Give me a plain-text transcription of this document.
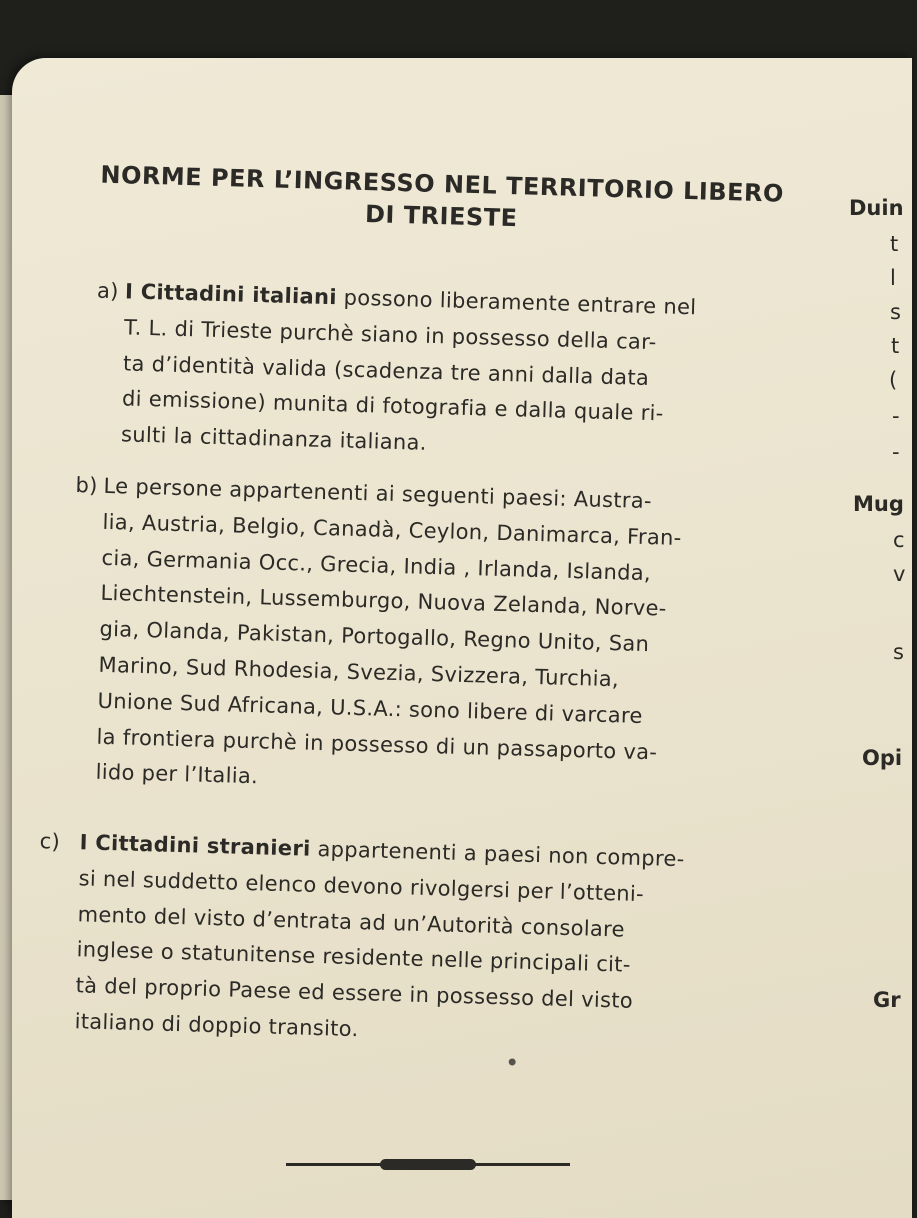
NORME PER L’INGRESSO NEL TERRITORIO LIBERO
DI TRIESTE
a) I Cittadini italiani possono liberamente entrare nel
T. L. di Trieste purchè siano in possesso della car-
ta d’identità valida (scadenza tre anni dalla data
di emissione) munita di fotografia e dalla quale ri-
sulti la cittadinanza italiana.
b) Le persone appartenenti ai seguenti paesi: Austra-
lia, Austria, Belgio, Canadà, Ceylon, Danimarca, Fran-
cia, Germania Occ., Grecia, India , Irlanda, Islanda,
Liechtenstein, Lussemburgo, Nuova Zelanda, Norve-
gia, Olanda, Pakistan, Portogallo, Regno Unito, San
Marino, Sud Rhodesia, Svezia, Svizzera, Turchia,
Unione Sud Africana, U.S.A.: sono libere di varcare
la frontiera purchè in possesso di un passaporto va-
lido per l’Italia.
c) I Cittadini stranieri appartenenti a paesi non compre-
si nel suddetto elenco devono rivolgersi per l’otteni-
mento del visto d’entrata ad un’Autorità consolare
inglese o statunitense residente nelle principali cit-
tà del proprio Paese ed essere in possesso del visto
italiano di doppio transito.
Duin
t
l
s
t
(
-
-
Mug
c
v
s
Opi
Gr
